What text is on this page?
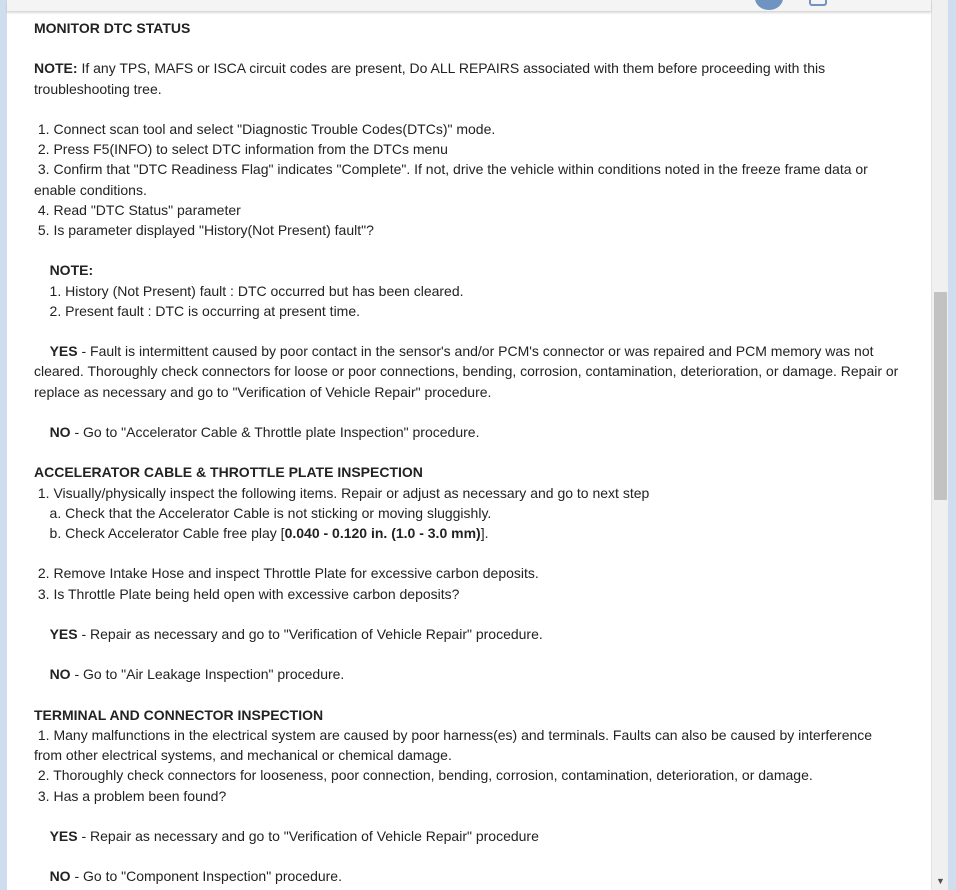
MONITOR DTC STATUS
NOTE: If any TPS, MAFS or ISCA circuit codes are present, Do ALL REPAIRS associated with them before proceeding with this
troubleshooting tree.
1. Connect scan tool and select "Diagnostic Trouble Codes(DTCs)" mode.
2. Press F5(INFO) to select DTC information from the DTCs menu
3. Confirm that "DTC Readiness Flag" indicates "Complete". If not, drive the vehicle within conditions noted in the freeze frame data or
enable conditions.
4. Read "DTC Status" parameter
5. Is parameter displayed "History(Not Present) fault"?
NOTE:
1. History (Not Present) fault : DTC occurred but has been cleared.
2. Present fault : DTC is occurring at present time.
YES - Fault is intermittent caused by poor contact in the sensor's and/or PCM's connector or was repaired and PCM memory was not
cleared. Thoroughly check connectors for loose or poor connections, bending, corrosion, contamination, deterioration, or damage. Repair or
replace as necessary and go to "Verification of Vehicle Repair" procedure.
NO - Go to "Accelerator Cable & Throttle plate Inspection" procedure.
ACCELERATOR CABLE & THROTTLE PLATE INSPECTION
1. Visually/physically inspect the following items. Repair or adjust as necessary and go to next step
a. Check that the Accelerator Cable is not sticking or moving sluggishly.
b. Check Accelerator Cable free play [0.040 - 0.120 in. (1.0 - 3.0 mm)].
2. Remove Intake Hose and inspect Throttle Plate for excessive carbon deposits.
3. Is Throttle Plate being held open with excessive carbon deposits?
YES - Repair as necessary and go to "Verification of Vehicle Repair" procedure.
NO - Go to "Air Leakage Inspection" procedure.
TERMINAL AND CONNECTOR INSPECTION
1. Many malfunctions in the electrical system are caused by poor harness(es) and terminals. Faults can also be caused by interference
from other electrical systems, and mechanical or chemical damage.
2. Thoroughly check connectors for looseness, poor connection, bending, corrosion, contamination, deterioration, or damage.
3. Has a problem been found?
YES - Repair as necessary and go to "Verification of Vehicle Repair" procedure
NO - Go to "Component Inspection" procedure.	▼
